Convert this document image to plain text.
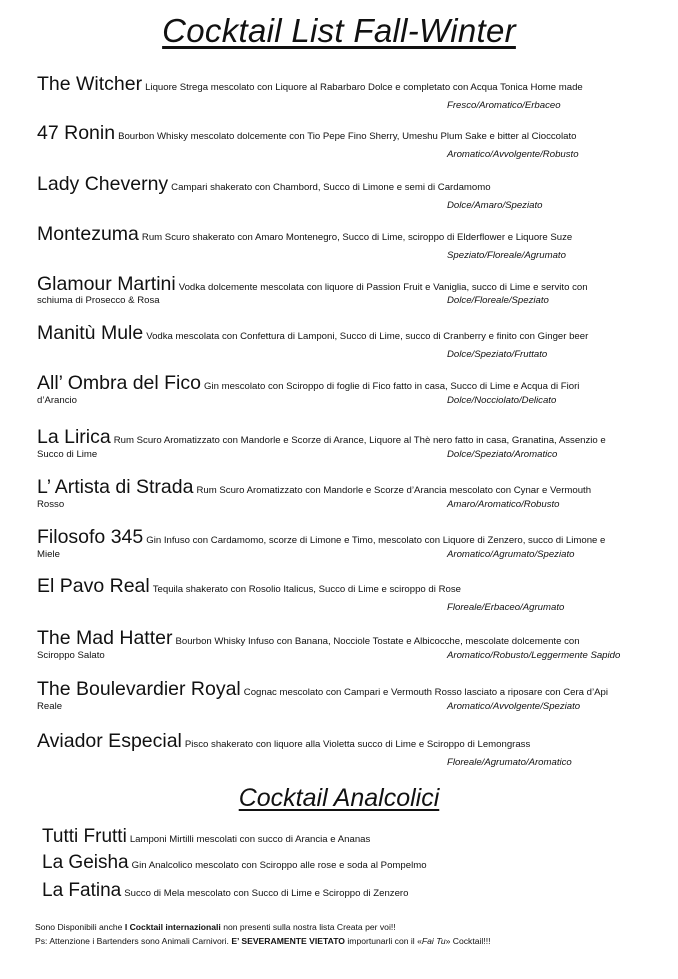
Cocktail List Fall-Winter
The Witcher Liquore Strega mescolato con Liquore al Rabarbaro Dolce e completato con Acqua Tonica Home made
Fresco/Aromatico/Erbaceo
47 Ronin Bourbon Whisky mescolato dolcemente con Tio Pepe Fino Sherry, Umeshu Plum Sake e bitter al Cioccolato
Aromatico/Avvolgente/Robusto
Lady Cheverny Campari shakerato con Chambord, Succo di Limone e semi di Cardamomo
Dolce/Amaro/Speziato
Montezuma Rum Scuro shakerato con Amaro Montenegro, Succo di Lime, sciroppo di Elderflower e Liquore Suze
Speziato/Floreale/Agrumato
Glamour Martini Vodka dolcemente mescolata con liquore di Passion Fruit e Vaniglia, succo di Lime e servito con
schiuma di Prosecco & Rosa	Dolce/Floreale/Speziato
Manitù Mule Vodka mescolata con Confettura di Lamponi, Succo di Lime, succo di Cranberry e finito con Ginger beer
Dolce/Speziato/Fruttato
All’ Ombra del Fico Gin mescolato con Sciroppo di foglie di Fico fatto in casa, Succo di Lime e Acqua di Fiori
d’Arancio	Dolce/Nocciolato/Delicato
La Lirica Rum Scuro Aromatizzato con Mandorle e Scorze di Arance, Liquore al Thè nero fatto in casa, Granatina, Assenzio e
Succo di Lime	Dolce/Speziato/Aromatico
L’ Artista di Strada Rum Scuro Aromatizzato con Mandorle e Scorze d’Arancia mescolato con Cynar e Vermouth
Rosso	Amaro/Aromatico/Robusto
Filosofo 345 Gin Infuso con Cardamomo, scorze di Limone e Timo, mescolato con Liquore di Zenzero, succo di Limone e
Miele	Aromatico/Agrumato/Speziato
El Pavo Real Tequila shakerato con Rosolio Italicus, Succo di Lime e sciroppo di Rose
Floreale/Erbaceo/Agrumato
The Mad Hatter Bourbon Whisky Infuso con Banana, Nocciole Tostate e Albicocche, mescolate dolcemente con
Sciroppo Salato	Aromatico/Robusto/Leggermente Sapido
The Boulevardier Royal Cognac mescolato con Campari e Vermouth Rosso lasciato a riposare con Cera d’Api
Reale	Aromatico/Avvolgente/Speziato
Aviador Especial Pisco shakerato con liquore alla Violetta succo di Lime e Sciroppo di Lemongrass
Floreale/Agrumato/Aromatico
Cocktail Analcolici
Tutti Frutti Lamponi Mirtilli mescolati con succo di Arancia e Ananas
La Geisha Gin Analcolico mescolato con Sciroppo alle rose e soda al Pompelmo
La Fatina Succo di Mela mescolato con Succo di Lime e Sciroppo di Zenzero
Sono Disponibili anche I Cocktail internazionali non presenti sulla nostra lista Creata per voi!!
Ps: Attenzione i Bartenders sono Animali Carnivori. E’ SEVERAMENTE VIETATO importunarli con il «Fai Tu» Cocktail!!!
